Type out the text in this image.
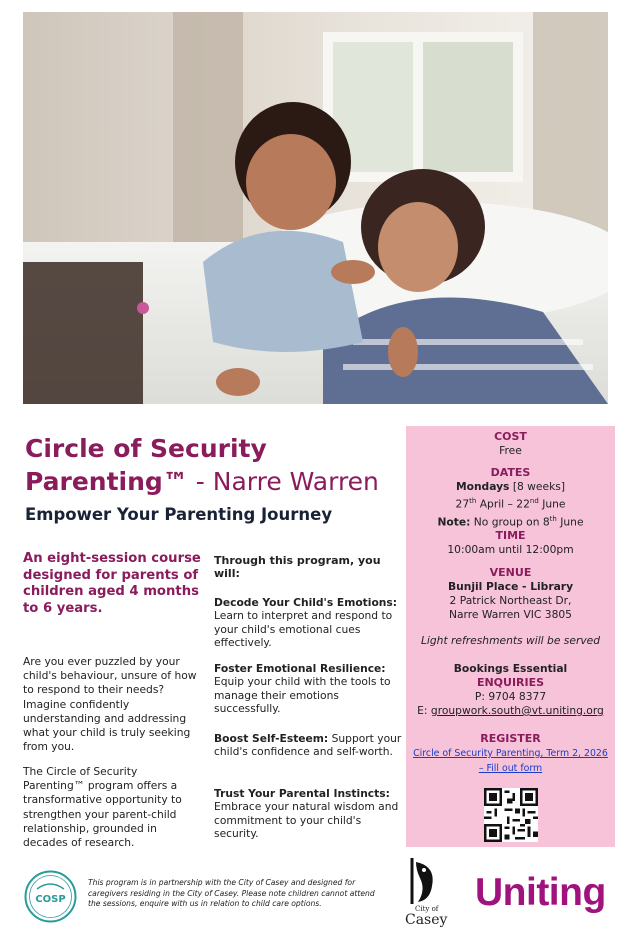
Circle of Security
Parenting™ - Narre Warren
Empower Your Parenting Journey
An eight-session course designed for parents of children aged 4 months to 6 years.
Are you ever puzzled by your child's behaviour, unsure of how to respond to their needs? Imagine confidently understanding and addressing what your child is truly seeking from you.
The Circle of Security Parenting™ program offers a transformative opportunity to strengthen your parent-child relationship, grounded in decades of research.
Through this program, you will:
Decode Your Child's Emotions: Learn to interpret and respond to your child's emotional cues effectively.
Foster Emotional Resilience: Equip your child with the tools to manage their emotions successfully.
Boost Self-Esteem: Support your child's confidence and self-worth.
Trust Your Parental Instincts: Embrace your natural wisdom and commitment to your child's security.
COST
Free
DATES
Mondays [8 weeks]
27th April – 22nd June
Note: No group on 8th June
TIME
10:00am until 12:00pm
VENUE
Bunjil Place - Library
2 Patrick Northeast Dr,
Narre Warren VIC 3805
Light refreshments will be served
Bookings Essential
ENQUIRIES
P: 9704 8377
E: groupwork.south@vt.uniting.org
REGISTER
Circle of Security Parenting, Term 2, 2026
– Fill out form
COSP
This program is in partnership with the City of Casey and designed for caregivers residing in the City of Casey. Please note children cannot attend the sessions, enquire with us in relation to child care options.
City of
Casey
Uniting
